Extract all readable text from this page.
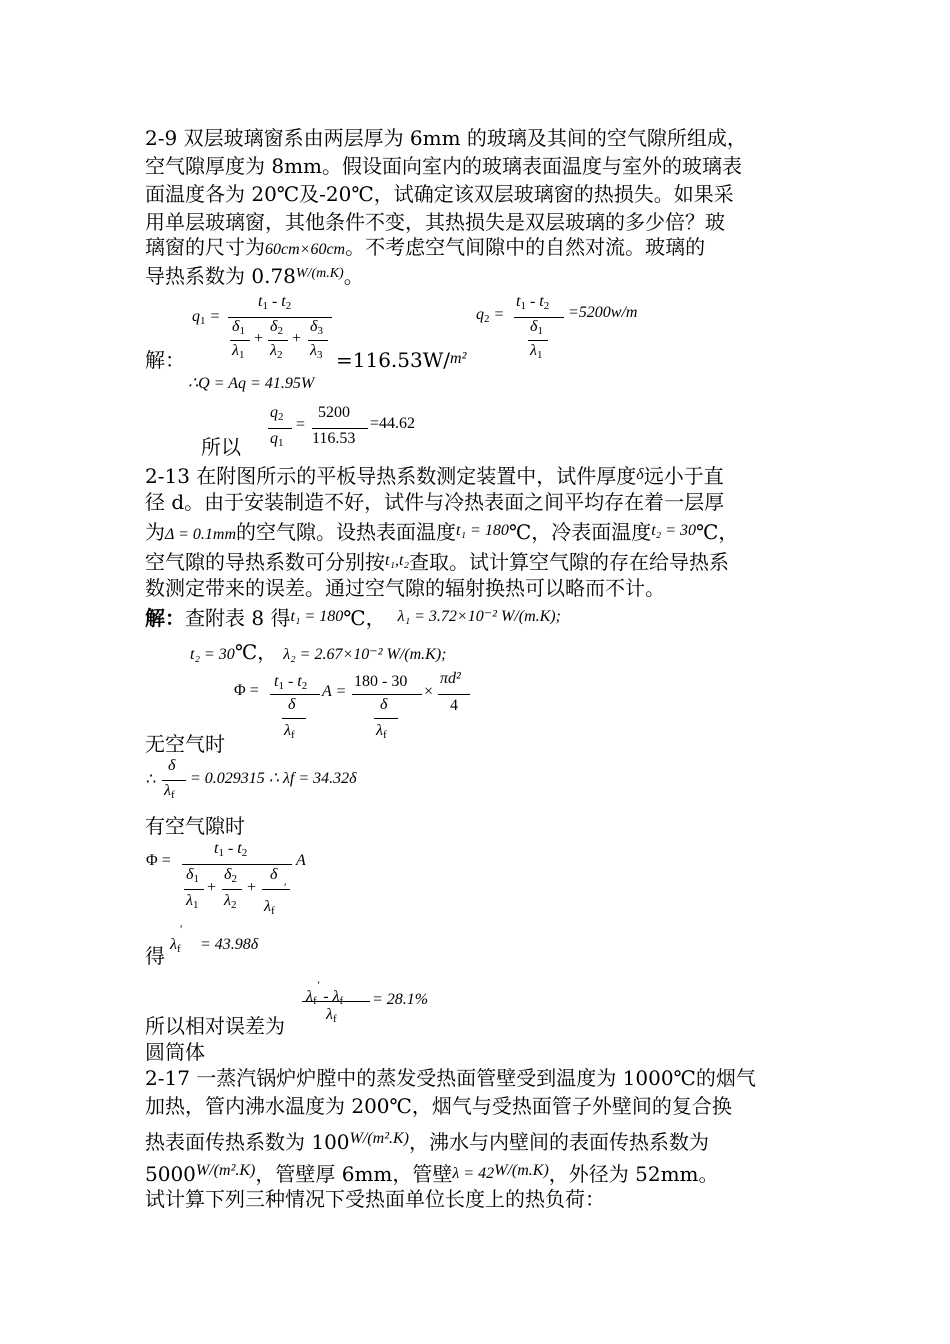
2-9 双层玻璃窗系由两层厚为 6mm 的玻璃及其间的空气隙所组成，
空气隙厚度为 8mm。假设面向室内的玻璃表面温度与室外的玻璃表
面温度各为 20℃及-20℃，试确定该双层玻璃窗的热损失。如果采
用单层玻璃窗，其他条件不变，其热损失是双层玻璃的多少倍？玻
璃窗的尺寸为60cm×60cm。不考虑空气间隙中的自然对流。玻璃的
导热系数为 $0.78^{W/(m.K)}$。
$q_1$ =
$t_1 - t_2$
$\delta_1$
$\lambda_1$
+
$\delta_2$
$\lambda_2$
+
$\delta_3$
$\lambda_3$
解：	=116.53W/$^{m^2}$
$q_2$ =
$t_1 - t_2$
$\delta_1$
$\lambda_1$
=5200w/m
∴Q = Aq = 41.95W
$q_2$
$q_1$
=
5200
116.53
=44.62
所以
2-13 在附图所示的平板导热系数测定装置中，试件厚度$^\delta$远小于直
径 d。由于安装制造不好，试件与冷热表面之间平均存在着一层厚
为Δ = 0.1mm的空气隙。设热表面温度$^{t_1 = 180}$℃，冷表面温度$^{t_2 = 30}$℃，
空气隙的导热系数可分别按$^{t_1,t_2}$查取。试计算空气隙的存在给导热系
数测定带来的误差。通过空气隙的辐射换热可以略而不计。
解：查附表 8 得$^{t_1 = 180}$℃， $^{\lambda_1 = 3.72\times 10^{-2} W/(m.K);}$
t₂ = 30℃， λ₂ = 2.67×10⁻² W/(m.K);
Φ =
$t_1 - t_2$
δ
$\lambda_f$
A =
180 - 30
δ
$\lambda_f$
×
πd²
4
无空气时
∴
δ
$\lambda_f$
= 0.029315 ∴ λf = 34.32δ
有空气隙时
Φ =
$t_1 - t_2$
$\delta_1$
$\lambda_1$
+
$\delta_2$
$\lambda_2$
+
δ
$\lambda_f$
′
A
得 $\lambda_f$
′
= 43.98δ
$\lambda_f' - \lambda_f$
$\lambda_f$
= 28.1%
所以相对误差为
圆筒体
2-17 一蒸汽锅炉炉膛中的蒸发受热面管壁受到温度为 1000℃的烟气
加热，管内沸水温度为 200℃，烟气与受热面管子外壁间的复合换
热表面传热系数为 $100^{W/(m^2.K)}$，沸水与内壁间的表面传热系数为
$5000^{W/(m^2.K)}$，管壁厚 6mm，管壁$\lambda = 42^{W/(m.K)}$，外径为 52mm。
试计算下列三种情况下受热面单位长度上的热负荷：
